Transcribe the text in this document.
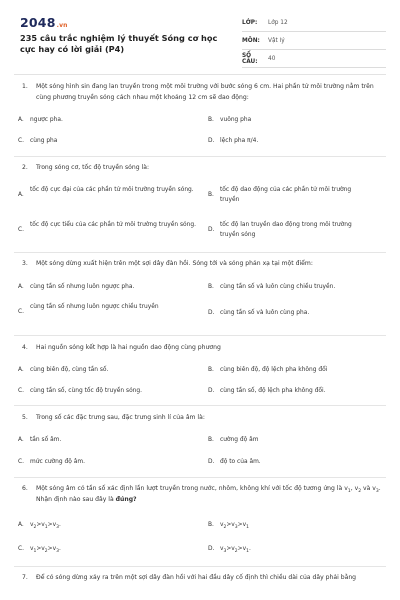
2048.vn
235 câu trắc nghiệm lý thuyết Sóng cơ học cực hay có lời giải (P4)
LỚP:	Lớp 12
MÔN:	Vật lý
SỐ CÂU:	40
1. Một sóng hình sin đang lan truyền trong một môi trường với bước sóng 6 cm. Hai phần tử môi trường nằm trên cùng phương truyền sóng cách nhau một khoảng 12 cm sẽ dao động:
A. ngược pha.	B. vuông pha
C. cùng pha	D. lệch pha π/4.
2. Trong sóng cơ, tốc độ truyền sóng là:
A.
tốc độ cực đại của các phần tử môi trường truyền sóng.
B.
tốc độ dao động của các phần tử môi trường truyền
C.
tốc độ cực tiểu của các phần tử môi trường truyền sóng.
D.
tốc độ lan truyền dao động trong môi trường truyền sóng
3. Một sóng dừng xuất hiện trên một sợi dây đàn hồi. Sóng tới và sóng phản xạ tại một điểm:
A. cùng tần số nhưng luôn ngược pha.	B. cùng tần số và luôn cùng chiều truyền.
C.
cùng tần số nhưng luôn ngược chiều truyền
D. cùng tần số và luôn cùng pha.
4. Hai nguồn sóng kết hợp là hai nguồn dao động cùng phương
A. cùng biên độ, cùng tần số.	B. cùng biên độ, độ lệch pha không đổi
C. cùng tần số, cùng tốc độ truyền sóng.	D. cùng tần số, độ lệch pha không đổi.
5. Trong số các đặc trưng sau, đặc trưng sinh lí của âm là:
A. tần số âm.	B. cường độ âm
C. mức cường độ âm.	D. độ to của âm.
6. Một sóng âm có tần số xác định lần lượt truyền trong nước, nhôm, không khí với tốc độ tương ứng là $v_1$, $v_2$ và $v_3$. Nhận định nào sau đây là đúng?
A. $v_2>v_1>v_3$.	B. $v_2>v_3>v_1$
C. $v_1>v_2>v_3$.	D. $v_3>v_2>v_1$.
7. Để có sóng dừng xảy ra trên một sợi dây đàn hồi với hai đầu dây cố định thì chiều dài của dây phải bằng
